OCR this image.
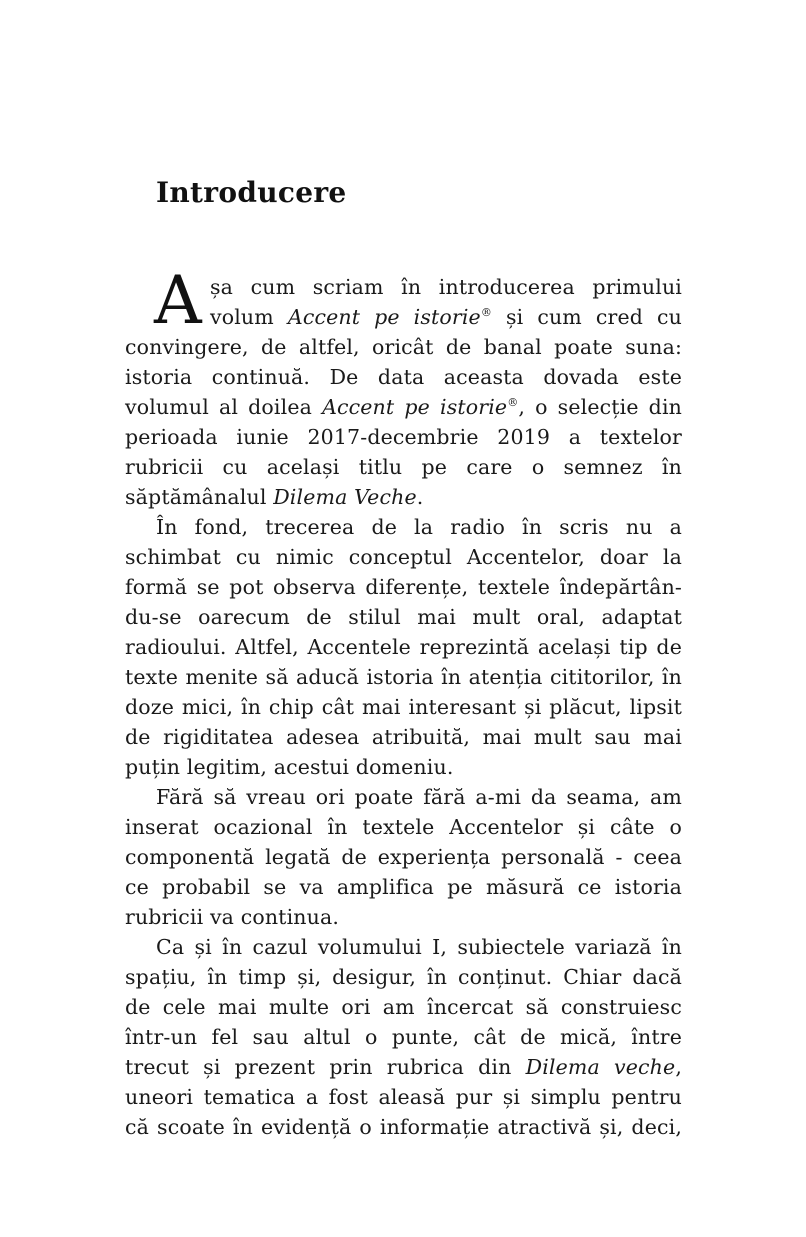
Introducere
șa cum scriam în introducerea primului
volum Accent pe istorie® și cum cred cu
convingere, de altfel, oricât de banal poate suna:
istoria continuă. De data aceasta dovada este
volumul al doilea Accent pe istorie®, o selecție din
perioada iunie 2017-decembrie 2019 a textelor
rubricii cu același titlu pe care o semnez în
săptămânalul Dilema Veche.
A
În fond, trecerea de la radio în scris nu a
schimbat cu nimic conceptul Accentelor, doar la
formă se pot observa diferențe, textele îndepărtân-
du-se oarecum de stilul mai mult oral, adaptat
radioului. Altfel, Accentele reprezintă același tip de
texte menite să aducă istoria în atenția cititorilor, în
doze mici, în chip cât mai interesant și plăcut, lipsit
de rigiditatea adesea atribuită, mai mult sau mai
puțin legitim, acestui domeniu.
Fără să vreau ori poate fără a-mi da seama, am
inserat ocazional în textele Accentelor și câte o
componentă legată de experiența personală - ceea
ce probabil se va amplifica pe măsură ce istoria
rubricii va continua.
Ca și în cazul volumului I, subiectele variază în
spațiu, în timp și, desigur, în conținut. Chiar dacă
de cele mai multe ori am încercat să construiesc
într-un fel sau altul o punte, cât de mică, între
trecut și prezent prin rubrica din Dilema veche,
uneori tematica a fost aleasă pur și simplu pentru
că scoate în evidență o informație atractivă și, deci,
